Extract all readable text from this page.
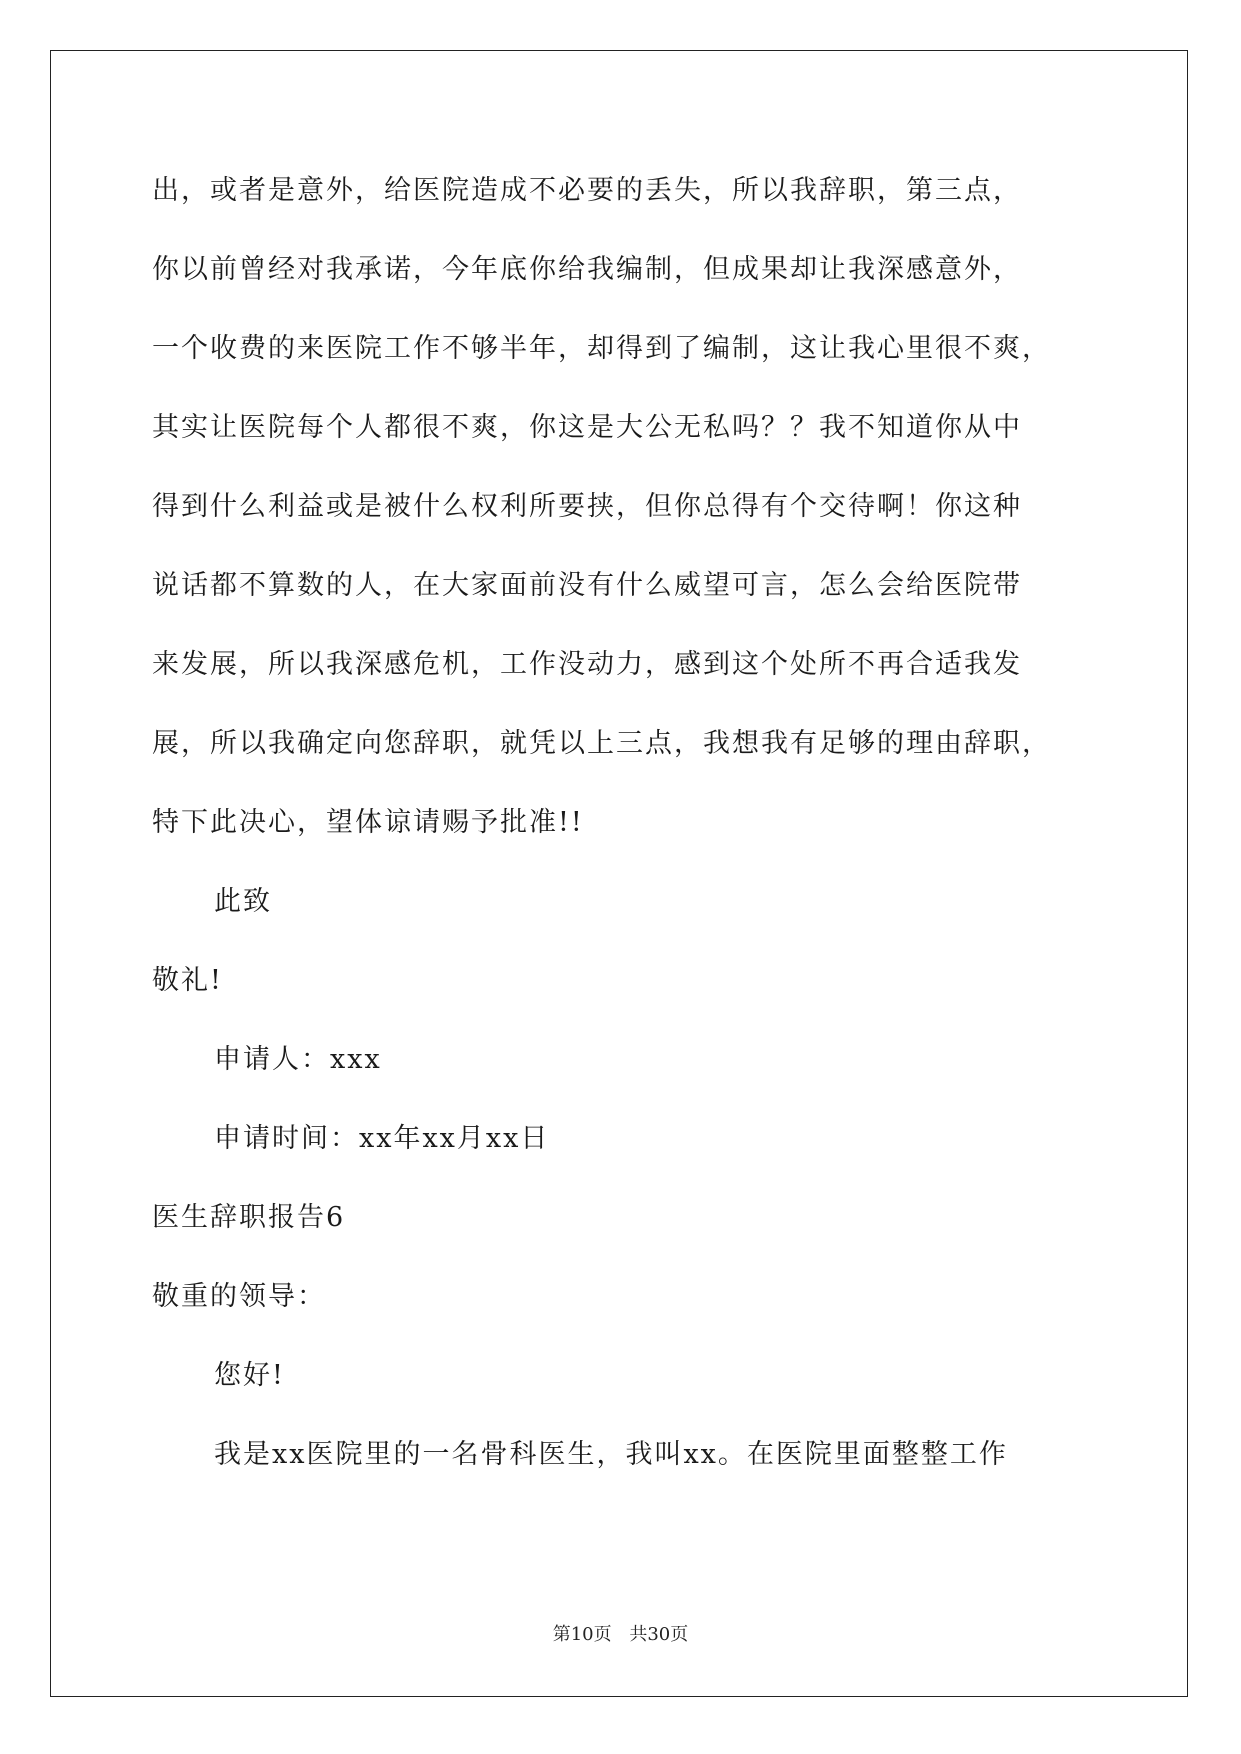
出，或者是意外，给医院造成不必要的丢失，所以我辞职，第三点，
你以前曾经对我承诺，今年底你给我编制，但成果却让我深感意外，
一个收费的来医院工作不够半年，却得到了编制，这让我心里很不爽，
其实让医院每个人都很不爽，你这是大公无私吗？？我不知道你从中
得到什么利益或是被什么权利所要挟，但你总得有个交待啊！你这种
说话都不算数的人，在大家面前没有什么威望可言，怎么会给医院带
来发展，所以我深感危机，工作没动力，感到这个处所不再合适我发
展，所以我确定向您辞职，就凭以上三点，我想我有足够的理由辞职，
特下此决心，望体谅请赐予批准!!
此致
敬礼!
申请人：xxx
申请时间：xx年xx月xx日
医生辞职报告6
敬重的领导：
您好!
我是xx医院里的一名骨科医生，我叫xx。在医院里面整整工作
第10页 共30页
